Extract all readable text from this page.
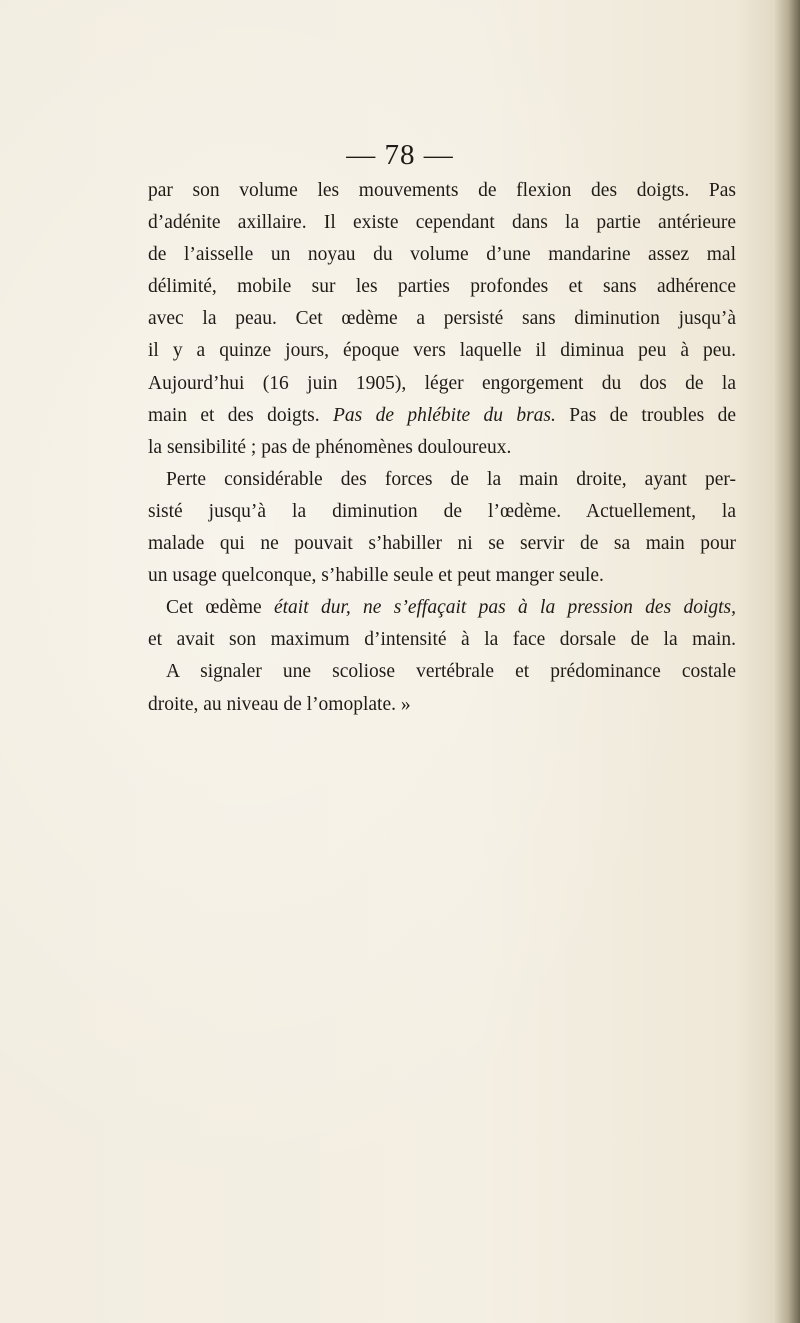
— 78 —
par son volume les mouvements de flexion des doigts. Pas
d’adénite axillaire. Il existe cependant dans la partie antérieure
de l’aisselle un noyau du volume d’une mandarine assez mal
délimité, mobile sur les parties profondes et sans adhérence
avec la peau. Cet œdème a persisté sans diminution jusqu’à
il y a quinze jours, époque vers laquelle il diminua peu à peu.
Aujourd’hui (16 juin 1905), léger engorgement du dos de la
main et des doigts. Pas de phlébite du bras. Pas de troubles de
la sensibilité ; pas de phénomènes douloureux.
Perte considérable des forces de la main droite, ayant per-
sisté jusqu’à la diminution de l’œdème. Actuellement, la
malade qui ne pouvait s’habiller ni se servir de sa main pour
un usage quelconque, s’habille seule et peut manger seule.
Cet œdème était dur, ne s’effaçait pas à la pression des doigts,
et avait son maximum d’intensité à la face dorsale de la main.
A signaler une scoliose vertébrale et prédominance costale
droite, au niveau de l’omoplate. »
